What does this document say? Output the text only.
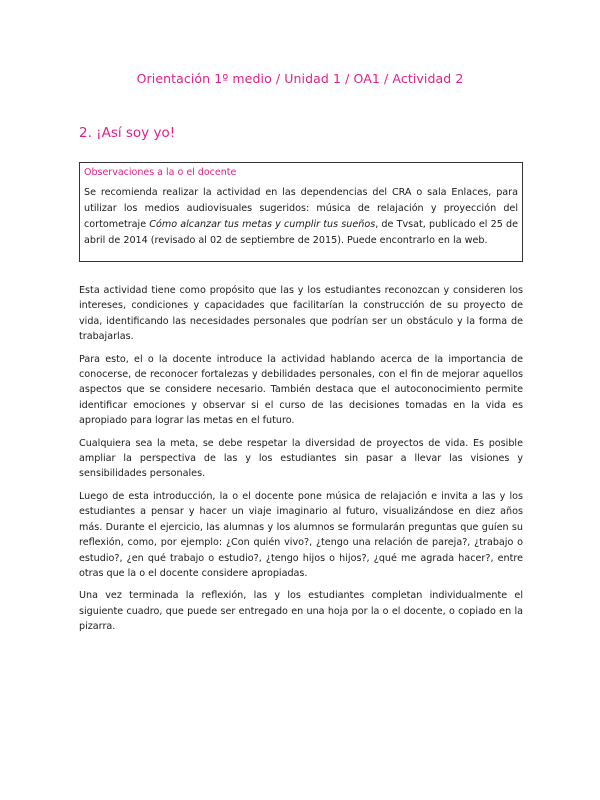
Orientación 1º medio / Unidad 1 / OA1 / Actividad 2
2. ¡Así soy yo!
Observaciones a la o el docente
Se recomienda realizar la actividad en las dependencias del CRA o sala Enlaces, para utilizar los medios audiovisuales sugeridos: música de relajación y proyección del cortometraje Cómo alcanzar tus metas y cumplir tus sueños, de Tvsat, publicado el 25 de abril de 2014 (revisado al 02 de septiembre de 2015). Puede encontrarlo en la web.

Esta actividad tiene como propósito que las y los estudiantes reconozcan y consideren los intereses, condiciones y capacidades que facilitarían la construcción de su proyecto de vida, identificando las necesidades personales que podrían ser un obstáculo y la forma de trabajarlas.

Para esto, el o la docente introduce la actividad hablando acerca de la importancia de conocerse, de reconocer fortalezas y debilidades personales, con el fin de mejorar aquellos aspectos que se considere necesario. También destaca que el autoconocimiento permite identificar emociones y observar si el curso de las decisiones tomadas en la vida es apropiado para lograr las metas en el futuro.

Cualquiera sea la meta, se debe respetar la diversidad de proyectos de vida. Es posible ampliar la perspectiva de las y los estudiantes sin pasar a llevar las visiones y sensibilidades personales.

Luego de esta introducción, la o el docente pone música de relajación e invita a las y los estudiantes a pensar y hacer un viaje imaginario al futuro, visualizándose en diez años más. Durante el ejercicio, las alumnas y los alumnos se formularán preguntas que guíen su reflexión, como, por ejemplo: ¿Con quién vivo?, ¿tengo una relación de pareja?, ¿trabajo o estudio?, ¿en qué trabajo o estudio?, ¿tengo hijos o hijos?, ¿qué me agrada hacer?, entre otras que la o el docente considere apropiadas.

Una vez terminada la reflexión, las y los estudiantes completan individualmente el siguiente cuadro, que puede ser entregado en una hoja por la o el docente, o copiado en la pizarra.
